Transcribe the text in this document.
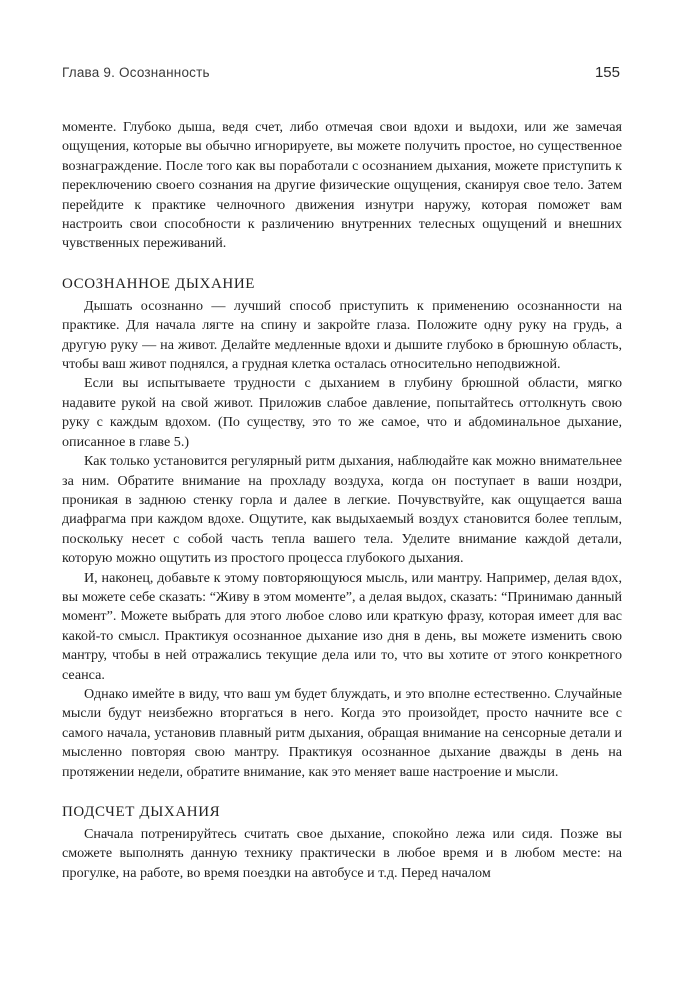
Глава 9. Осознанность	155

моменте. Глубоко дыша, ведя счет, либо отмечая свои вдохи и выдохи, или же замечая ощущения, которые вы обычно игнорируете, вы можете получить простое, но существенное вознаграждение. После того как вы поработали с осознанием дыхания, можете приступить к переключению своего сознания на другие физические ощущения, сканируя свое тело. Затем перейдите к практике челночного движения изнутри наружу, которая поможет вам настроить свои способности к различению внутренних телесных ощущений и внешних чувственных переживаний.

ОСОЗНАННОЕ ДЫХАНИЕ

Дышать осознанно — лучший способ приступить к применению осознанности на практике. Для начала лягте на спину и закройте глаза. Положите одну руку на грудь, а другую руку — на живот. Делайте медленные вдохи и дышите глубоко в брюшную область, чтобы ваш живот поднялся, а грудная клетка осталась относительно неподвижной.

Если вы испытываете трудности с дыханием в глубину брюшной области, мягко надавите рукой на свой живот. Приложив слабое давление, попытайтесь оттолкнуть свою руку с каждым вдохом. (По существу, это то же самое, что и абдоминальное дыхание, описанное в главе 5.)

Как только установится регулярный ритм дыхания, наблюдайте как можно внимательнее за ним. Обратите внимание на прохладу воздуха, когда он поступает в ваши ноздри, проникая в заднюю стенку горла и далее в легкие. Почувствуйте, как ощущается ваша диафрагма при каждом вдохе. Ощутите, как выдыхаемый воздух становится более теплым, поскольку несет с собой часть тепла вашего тела. Уделите внимание каждой детали, которую можно ощутить из простого процесса глубокого дыхания.

И, наконец, добавьте к этому повторяющуюся мысль, или мантру. Например, делая вдох, вы можете себе сказать: “Живу в этом моменте”, а делая выдох, сказать: “Принимаю данный момент”. Можете выбрать для этого любое слово или краткую фразу, которая имеет для вас какой-то смысл. Практикуя осознанное дыхание изо дня в день, вы можете изменить свою мантру, чтобы в ней отражались текущие дела или то, что вы хотите от этого конкретного сеанса.

Однако имейте в виду, что ваш ум будет блуждать, и это вполне естественно. Случайные мысли будут неизбежно вторгаться в него. Когда это произойдет, просто начните все с самого начала, установив плавный ритм дыхания, обращая внимание на сенсорные детали и мысленно повторяя свою мантру. Практикуя осознанное дыхание дважды в день на протяжении недели, обратите внимание, как это меняет ваше настроение и мысли.

ПОДСЧЕТ ДЫХАНИЯ

Сначала потренируйтесь считать свое дыхание, спокойно лежа или сидя. Позже вы сможете выполнять данную технику практически в любое время и в любом месте: на прогулке, на работе, во время поездки на автобусе и т.д. Перед началом
